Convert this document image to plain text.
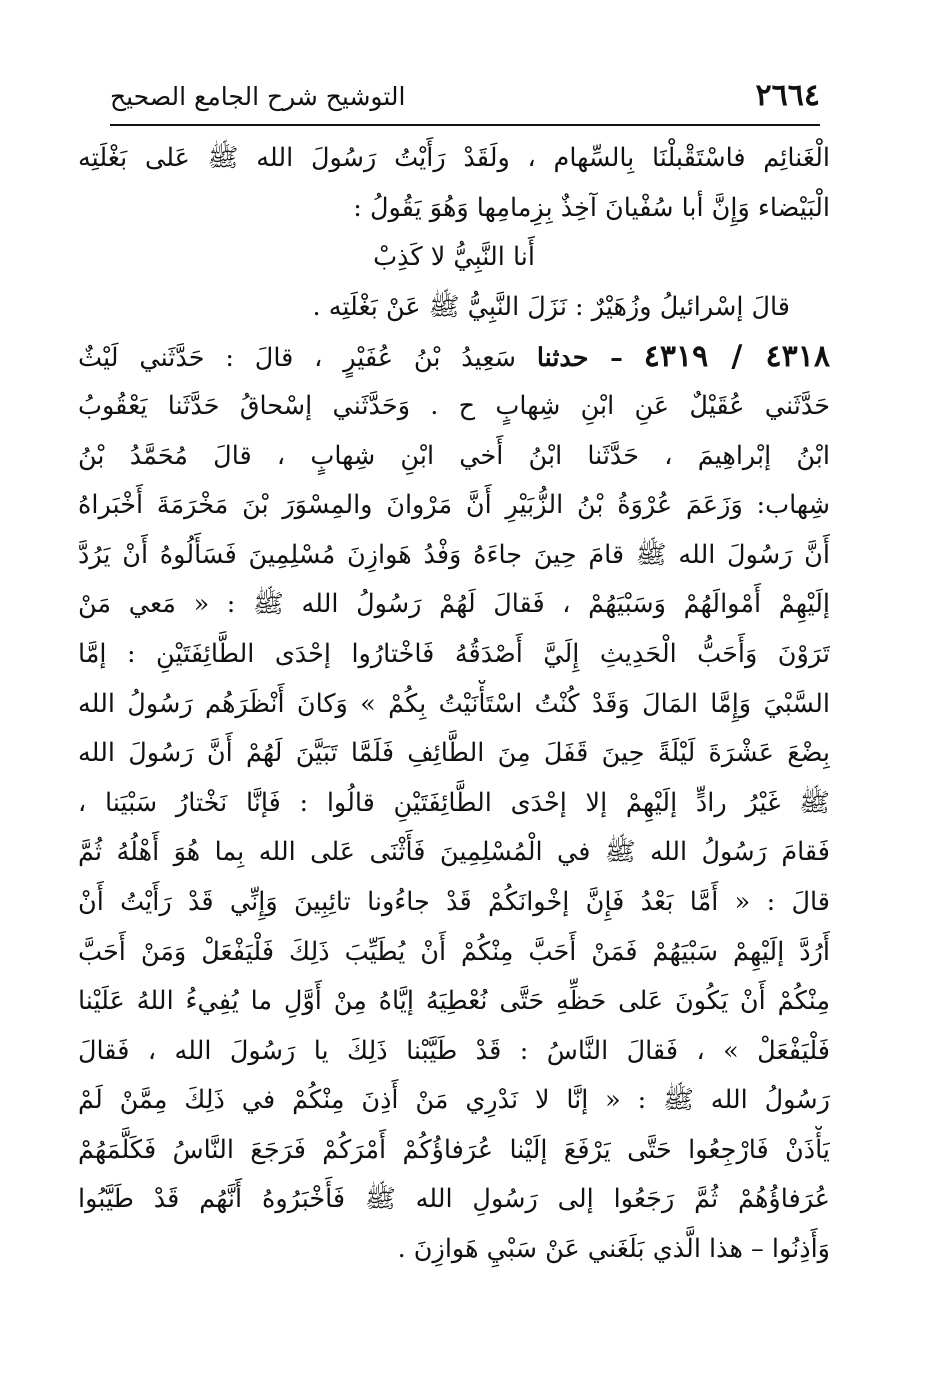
٢٦٦٤
التوشيح شرح الجامع الصحيح
الْغَنائِم فاسْتَقْبلْنَا بِالسِّهام ، ولَقَدْ رَأَيْتُ رَسُولَ الله ﷺ عَلى بَغْلَتِه
الْبَيْضاء وَإِنَّ أبا سُفْيانَ آخِذٌ بِزِمامِها وَهُوَ يَقُولُ :
أَنا النَّبِيُّ لا كَذِبْ
قالَ إسْرائيلُ وزُهَيْرٌ : نَزَلَ النَّبِيُّ ﷺ عَنْ بَغْلَتِه .
٤٣١٨ / ٤٣١٩ – حدثنا سَعِيدُ بْنُ عُفَيْرٍ ، قالَ : حَدَّثَني لَيْثٌ
حَدَّثَني عُقَيْلٌ عَنِ ابْنِ شِهابٍ ح . وَحَدَّثَني إسْحاقُ حَدَّثَنا يَعْقُوبُ
ابْنُ إبْراهِيمَ ، حَدَّثَنا ابْنُ أَخي ابْنِ شِهابٍ ، قالَ مُحَمَّدُ بْنُ
شِهاب: وَزَعَمَ عُرْوَةُ بْنُ الزُّبَيْرِ أَنَّ مَرْوانَ والمِسْوَرَ بْنَ مَخْرَمَةَ أَخْبَراهُ
أَنَّ رَسُولَ الله ﷺ قامَ حِينَ جاءَهُ وَفْدُ هَوازِنَ مُسْلِمِينَ فَسَأَلُوهُ أَنْ يَرُدَّ
إلَيْهِمْ أَمْوالَهُمْ وَسَبْيَهُمْ ، فَقالَ لَهُمْ رَسُولُ الله ﷺ : « مَعي مَنْ
تَرَوْنَ وَأَحَبُّ الْحَدِيثِ إِلَيَّ أَصْدَقُهُ فَاخْتارُوا إحْدَى الطَّائِفَتَيْنِ : إمَّا
السَّبْيَ وَإِمَّا المَالَ وَقَدْ كُنْتُ اسْتَأْنَيْتُ بِكُمْ » وَكانَ أَنْظَرَهُم رَسُولُ الله
بِضْعَ عَشْرَةَ لَيْلَةً حِينَ قَفَلَ مِنَ الطَّائِفِ فَلَمَّا تَبَيَّنَ لَهُمْ أَنَّ رَسُولَ الله
ﷺ غَيْرُ رادٍّ إلَيْهِمْ إلا إحْدَى الطَّائِفَتَيْنِ قالُوا : فَإنَّا نَخْتارُ سَبْيَنا ،
فَقامَ رَسُولُ الله ﷺ في الْمُسْلِمِينَ فَأَثْنَى عَلى الله بِما هُوَ أَهْلُهُ ثُمَّ
قالَ : « أَمَّا بَعْدُ فَإِنَّ إخْوانَكُمْ قَدْ جاءُونا تائِبِينَ وَإِنِّي قَدْ رَأَيْتُ أَنْ
أَرُدَّ إلَيْهِمْ سَبْيَهُمْ فَمَنْ أَحَبَّ مِنْكُمْ أَنْ يُطَيِّبَ ذَلِكَ فَلْيَفْعَلْ وَمَنْ أَحَبَّ
مِنْكُمْ أَنْ يَكُونَ عَلى حَظِّهِ حَتَّى نُعْطِيَهُ إيَّاهُ مِنْ أَوَّلِ ما يُفِيءُ اللهُ عَلَيْنا
فَلْيَفْعَلْ » ، فَقالَ النَّاسُ : قَدْ طَيَّبْنا ذَلِكَ يا رَسُولَ الله ، فَقالَ
رَسُولُ الله ﷺ : « إنَّا لا نَدْرِي مَنْ أَذِنَ مِنْكُمْ في ذَلِكَ مِمَّنْ لَمْ
يَأْذَنْ فَارْجِعُوا حَتَّى يَرْفَعَ إلَيْنا عُرَفاؤُكُمْ أَمْرَكُمْ فَرَجَعَ النَّاسُ فَكَلَّمَهُمْ
عُرَفاؤُهُمْ ثُمَّ رَجَعُوا إلى رَسُولِ الله ﷺ فَأَخْبَرُوهُ أَنَّهُم قَدْ طَيَّبُوا
وَأَذِنُوا – هذا الَّذي بَلَغَني عَنْ سَبْيِ هَوازِنَ .
